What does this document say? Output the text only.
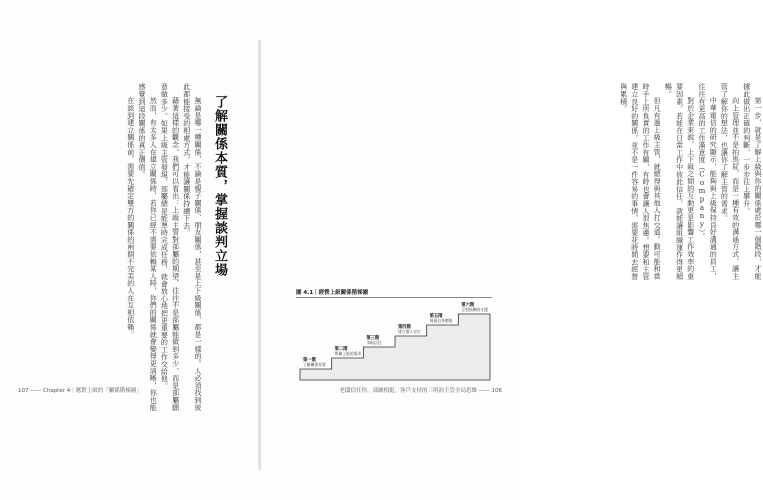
無論是哪一種關係，不論是親子關係、朋友關係，甚至是上下級關係，都是一樣的。人必須找到彼此都能接受的相處方式，才能讓關係持續下去。

藉著這樣的觀念，我們可以看出：上級主管對部屬的期望，往往不是部屬能做到多少，而是部屬願意做多少。如果上級主管發現，部屬總是能準時完成任務，就會放心地把更重要的工作交給他。

然而，有太多人在建立關係時，若你已經不需要依賴某人時，你們的關係就會變得更清晰，你也能感覺到這段關係的真正價值。

在談到建立關係前，需要先確定雙方的關係的兩個不完美的人在互相依賴。	了解關係本質，掌握談判立場	第一步，就是了解上級與你的關係處於哪一個階段，才能據此做出正確的判斷，一步步往上攀升。

向上管理並不是拍馬屁，而是一種有效的溝通方式，讓主管了解你的想法，也讓你了解主管的需求。

中華電信的研究顯示，能夠與上級保持良好溝通的員工，往往有更高的工作滿意度（Company）。

對於企業來說，上下級之間的互動更是影響工作效率的重要因素。若能在日常工作中彼此信任，就能讓組織運作得更順暢。

但凡有過上級主管，就總得與其他人打交道。動可能和當時手上所負責的工作有關，有時也會讓人很焦慮。想要和主管建立良好的關係，並不是一件容易的事情，需要花時間去經營與累積。

圖 4.1｜經營上級關係階梯圖
第一階
了解關係本質
第二階
明確上級的需求
第三階
爭取信任
第四階
建立個人定位
第五階
展現自身價值
第六階
互相依賴的支援
107 —— Chapter 4｜應對上級的「關係階梯圖」	老闆信任你，部屬相挺，客戶支持的三明治主管全局思維 —— 106
